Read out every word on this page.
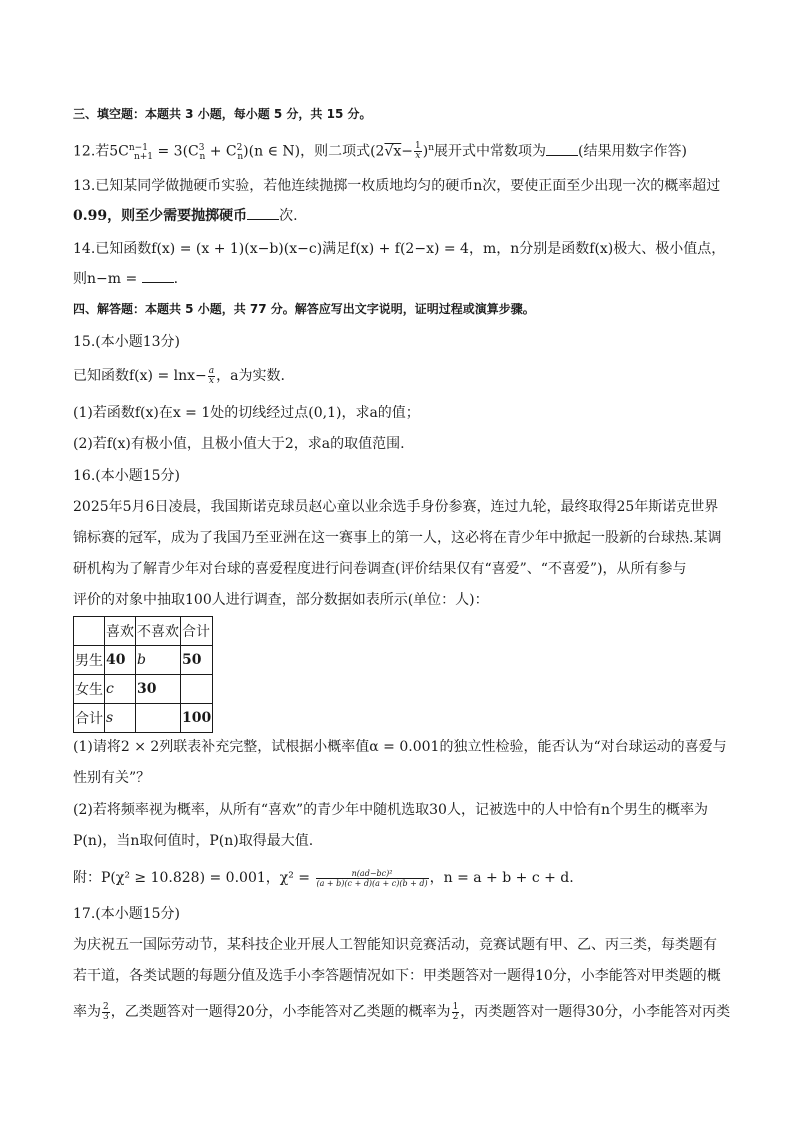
三、填空题：本题共 3 小题，每小题 5 分，共 15 分。
12.若$5C^{n-1}_{n+1} = 3(C^3_n + C^2_n)(n$ ∈ N)，则二项式$(2√x- \frac{1}{x} )^n$展开式中常数项为 (结果用数字作答)
13.已知某同学做抛硬币实验，若他连续抛掷一枚质地均匀的硬币n次，要使正面至少出现一次的概率超过
0.99，则至少需要抛掷硬币 次.
14.已知函数f(x) = (x + 1)(x−b)(x−c)满足f(x) + f(2−x) = 4，m，n分别是函数f(x)极大、极小值点，
则n−m = .
四、解答题：本题共 5 小题，共 77 分。解答应写出文字说明，证明过程或演算步骤。
15.(本小题13分)
已知函数$f(x) = \ln x- \frac{a}{x}$ ，a为实数.
(1)若函数f(x)在x = 1处的切线经过点(0,1)，求a的值；
(2)若f(x)有极小值，且极小值大于2，求a的取值范围.
16.(本小题15分)
2025年5月6日凌晨，我国斯诺克球员赵心童以业余选手身份参赛，连过九轮，最终取得25年斯诺克世界
锦标赛的冠军，成为了我国乃至亚洲在这一赛事上的第一人，这必将在青少年中掀起一股新的台球热.某调
研机构为了解青少年对台球的喜爱程度进行问卷调查(评价结果仅有“喜爱”、“不喜爱”)，从所有参与
评价的对象中抽取100人进行调查，部分数据如表所示(单位：人)：
	喜欢	不喜欢	合计
男生	40	b	50
女生	c	30	
合计	s		100
(1)请将2 × 2列联表补充完整，试根据小概率值α = 0.001的独立性检验，能否认为“对台球运动的喜爱与
性别有关”？
(2)若将频率视为概率，从所有“喜欢”的青少年中随机选取30人，记被选中的人中恰有n个男生的概率为
P(n)，当n取何值时，P(n)取得最大值.
附：P(χ² ≥ 10.828) = 0.001，$\chi^2 = \frac{\text{n(ad−bc)²}}{(a + b)(c + d)(a + c)(b + d)}$ ，n = a + b + c + d.
17.(本小题15分)
为庆祝五一国际劳动节，某科技企业开展人工智能知识竞赛活动，竞赛试题有甲、乙、丙三类，每类题有
若干道，各类试题的每题分值及选手小李答题情况如下：甲类题答对一题得10分，小李能答对甲类题的概
率为 $\frac{2}{3}$ ，乙类题答对一题得20分，小李能答对乙类题的概率为 $\frac{1}{2}$ ，丙类题答对一题得30分，小李能答对丙类
